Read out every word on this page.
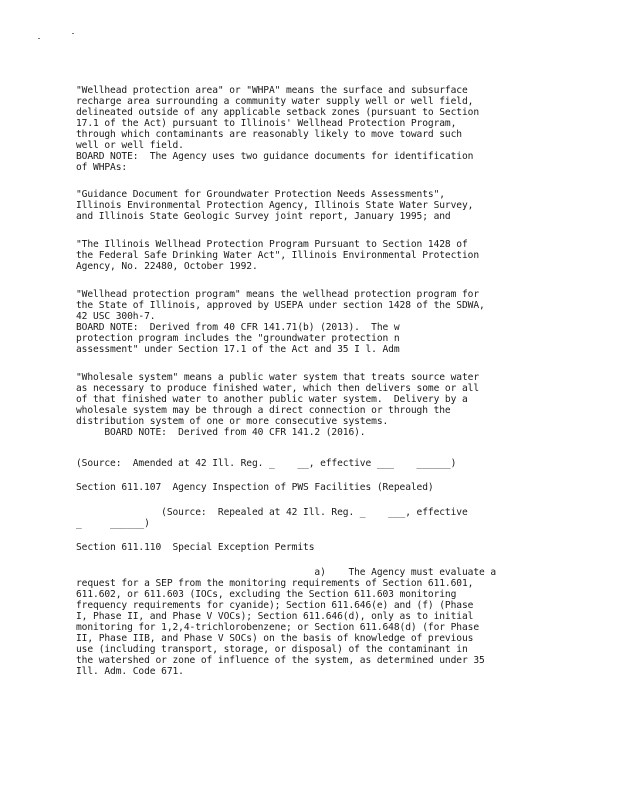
"Wellhead protection area" or "WHPA" means the surface and subsurface
recharge area surrounding a community water supply well or well field,
delineated outside of any applicable setback zones (pursuant to Section
17.1 of the Act) pursuant to Illinois' Wellhead Protection Program,
through which contaminants are reasonably likely to move toward such
well or well field.
BOARD NOTE:  The Agency uses two guidance documents for identification
of WHPAs:
"Guidance Document for Groundwater Protection Needs Assessments",
Illinois Environmental Protection Agency, Illinois State Water Survey,
and Illinois State Geologic Survey joint report, January 1995; and
"The Illinois Wellhead Protection Program Pursuant to Section 1428 of
the Federal Safe Drinking Water Act", Illinois Environmental Protection
Agency, No. 22480, October 1992.
"Wellhead protection program" means the wellhead protection program for
the State of Illinois, approved by USEPA under section 1428 of the SDWA,
42 USC 300h-7.
BOARD NOTE:  Derived from 40 CFR 141.71(b) (2013).  The w
protection program includes the "groundwater protection n
assessment" under Section 17.1 of the Act and 35 I l. Adm
"Wholesale system" means a public water system that treats source water
as necessary to produce finished water, which then delivers some or all
of that finished water to another public water system.  Delivery by a
wholesale system may be through a direct connection or through the
distribution system of one or more consecutive systems.
BOARD NOTE:  Derived from 40 CFR 141.2 (2016).
(Source:  Amended at 42 Ill. Reg. _    __, effective ___    ______)
Section 611.107  Agency Inspection of PWS Facilities (Repealed)
(Source:  Repealed at 42 Ill. Reg. _    ___, effective
_     ______)
Section 611.110  Special Exception Permits
a)    The Agency must evaluate a
request for a SEP from the monitoring requirements of Section 611.601,
611.602, or 611.603 (IOCs, excluding the Section 611.603 monitoring
frequency requirements for cyanide); Section 611.646(e) and (f) (Phase
I, Phase II, and Phase V VOCs); Section 611.646(d), only as to initial
monitoring for 1,2,4-trichlorobenzene; or Section 611.648(d) (for Phase
II, Phase IIB, and Phase V SOCs) on the basis of knowledge of previous
use (including transport, storage, or disposal) of the contaminant in
the watershed or zone of influence of the system, as determined under 35
Ill. Adm. Code 671.
